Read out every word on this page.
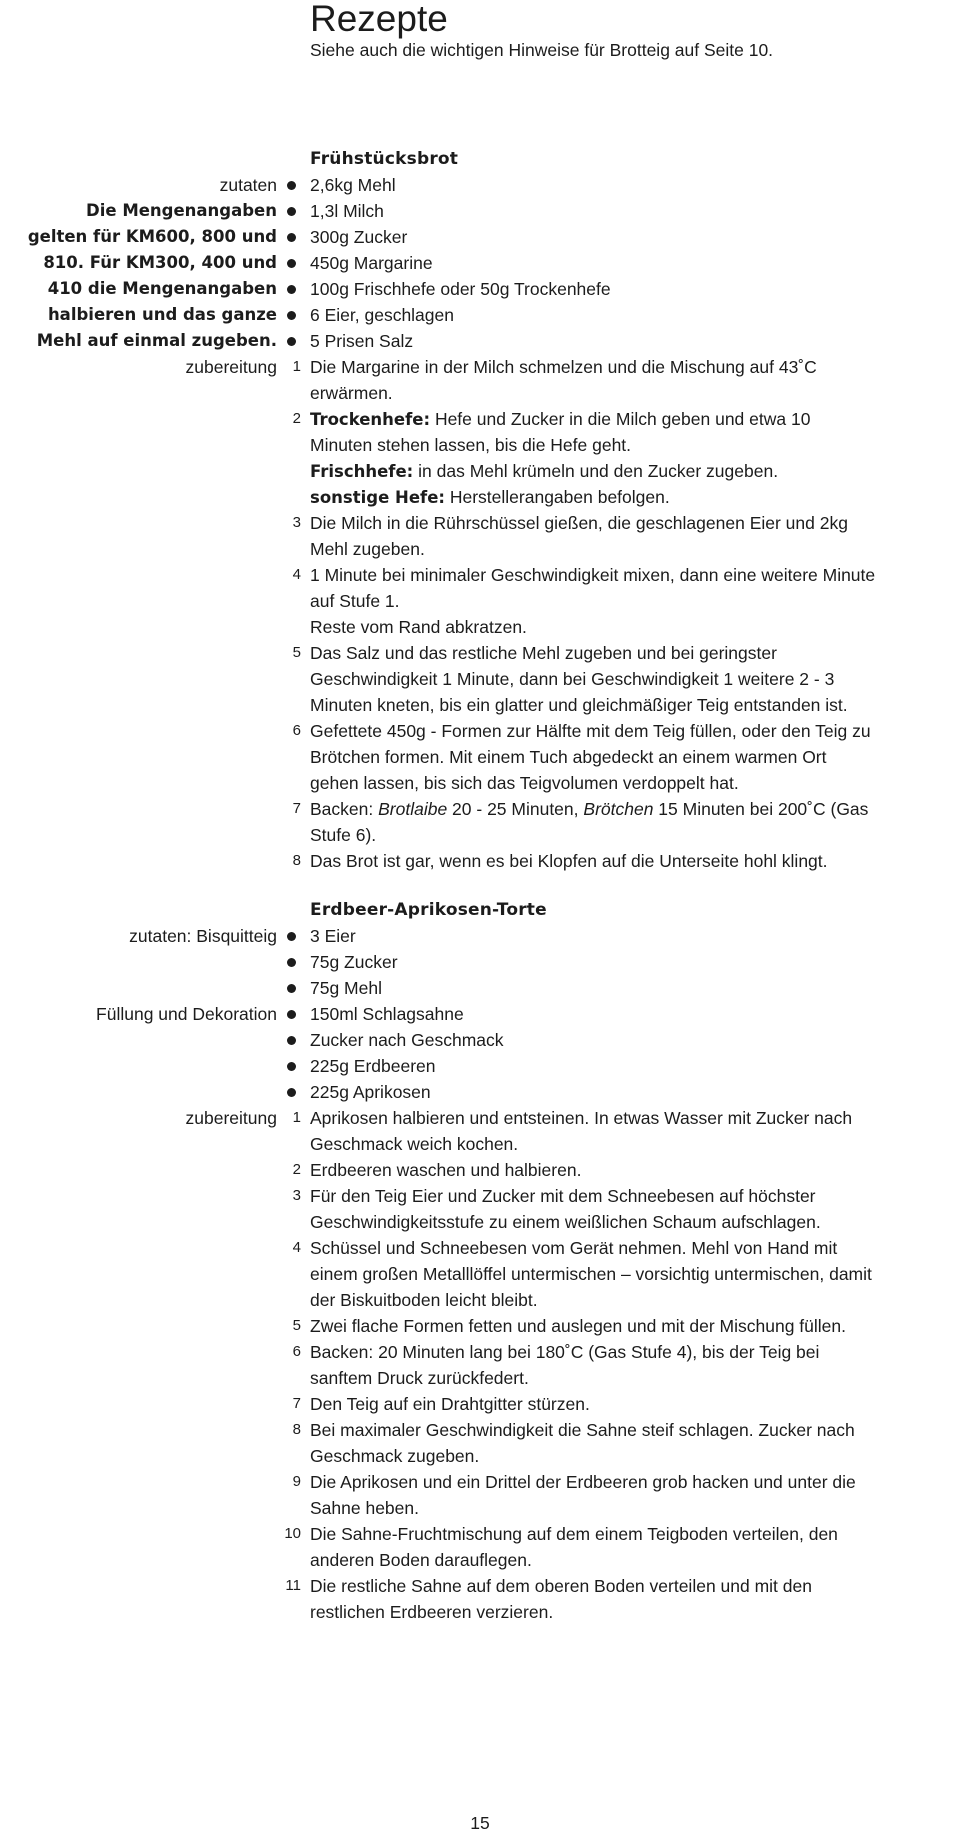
Rezepte
Siehe auch die wichtigen Hinweise für Brotteig auf Seite 10.
Frühstücksbrot
zutaten 2,6kg Mehl
Die Mengenangaben 1,3l Milch
gelten für KM600, 800 und 300g Zucker
810. Für KM300, 400 und 450g Margarine
410 die Mengenangaben 100g Frischhefe oder 50g Trockenhefe
halbieren und das ganze 6 Eier, geschlagen
Mehl auf einmal zugeben. 5 Prisen Salz
zubereitung 1 Die Margarine in der Milch schmelzen und die Mischung auf 43˚C
erwärmen.
2 Trockenhefe: Hefe und Zucker in die Milch geben und etwa 10
Minuten stehen lassen, bis die Hefe geht.
Frischhefe: in das Mehl krümeln und den Zucker zugeben.
sonstige Hefe: Herstellerangaben befolgen.
3 Die Milch in die Rührschüssel gießen, die geschlagenen Eier und 2kg
Mehl zugeben.
4 1 Minute bei minimaler Geschwindigkeit mixen, dann eine weitere Minute
auf Stufe 1.
Reste vom Rand abkratzen.
5 Das Salz und das restliche Mehl zugeben und bei geringster
Geschwindigkeit 1 Minute, dann bei Geschwindigkeit 1 weitere 2 - 3
Minuten kneten, bis ein glatter und gleichmäßiger Teig entstanden ist.
6 Gefettete 450g - Formen zur Hälfte mit dem Teig füllen, oder den Teig zu
Brötchen formen. Mit einem Tuch abgedeckt an einem warmen Ort
gehen lassen, bis sich das Teigvolumen verdoppelt hat.
7 Backen: Brotlaibe 20 - 25 Minuten, Brötchen 15 Minuten bei 200˚C (Gas
Stufe 6).
8 Das Brot ist gar, wenn es bei Klopfen auf die Unterseite hohl klingt.
Erdbeer-Aprikosen-Torte
zutaten: Bisquitteig 3 Eier
75g Zucker
75g Mehl
Füllung und Dekoration 150ml Schlagsahne
Zucker nach Geschmack
225g Erdbeeren
225g Aprikosen
zubereitung 1 Aprikosen halbieren und entsteinen. In etwas Wasser mit Zucker nach
Geschmack weich kochen.
2 Erdbeeren waschen und halbieren.
3 Für den Teig Eier und Zucker mit dem Schneebesen auf höchster
Geschwindigkeitsstufe zu einem weißlichen Schaum aufschlagen.
4 Schüssel und Schneebesen vom Gerät nehmen. Mehl von Hand mit
einem großen Metalllöffel untermischen – vorsichtig untermischen, damit
der Biskuitboden leicht bleibt.
5 Zwei flache Formen fetten und auslegen und mit der Mischung füllen.
6 Backen: 20 Minuten lang bei 180˚C (Gas Stufe 4), bis der Teig bei
sanftem Druck zurückfedert.
7 Den Teig auf ein Drahtgitter stürzen.
8 Bei maximaler Geschwindigkeit die Sahne steif schlagen. Zucker nach
Geschmack zugeben.
9 Die Aprikosen und ein Drittel der Erdbeeren grob hacken und unter die
Sahne heben.
10 Die Sahne-Fruchtmischung auf dem einem Teigboden verteilen, den
anderen Boden darauflegen.
11 Die restliche Sahne auf dem oberen Boden verteilen und mit den
restlichen Erdbeeren verzieren.
15
